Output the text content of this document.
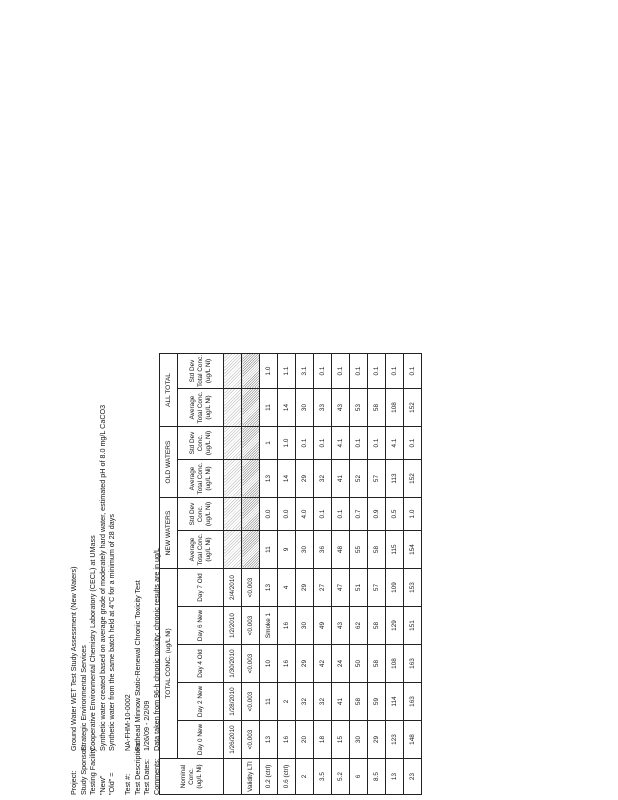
Project:
Ground Water WET Test Study Assessment (New Waters)
Study Sponsor:
Strategic Environmental Services
Testing Facility:
Cooperative Environmental Chemistry Laboratory (CECL) at UMass
"New"
Synthetic water created based on average grade of moderately hard water, estimated pH of 8.0 mg/L CaCO3
"Old" =
Synthetic water from the same batch held at 4°C for a minimum of 28 days
Test #:
NA-FHM-10-0002
Test Description:
Fathead Minnow Static-Renewal Chronic Toxicity Test
Test Dates:
1/26/09 - 2/2/09
Comments:
Data taken from 96-h chronic toxicity; chronic results are in ug/L
Nominal Conc. (ug/L Ni)	TOTAL CONC. (ug/L Ni)					NEW WATERS		OLD WATERS		ALL TOTAL	
	Day 0 New	Day 2 New	Day 4 Old	Day 6 New	Day 7 Old	Average Total Conc. (ug/L Ni)	Std Dev Conc. (ug/L Ni)	Average Total Conc. (ug/L Ni)	Std Dev Conc. (ug/L Ni)	Average Total Conc. (ug/L Ni)	Std Dev Total Conc. (ug/L Ni)
	1/26/2010	1/28/2010	1/30/2010	1/2/2010	2/4/2010						
Validity LTI	<0.003	<0.003	<0.003	<0.003	<0.003						
0.2 (ctrl)	13	11	10	Smoke 1	13	11	0.0	13	1	11	1.0
0.6 (ctrl)	16	2	16	16	4	9	0.0	14	1.0	14	1.1
2	20	32	29	30	29	30	4.0	29	0.1	30	3.1
3.5	18	32	42	49	27	36	0.1	32	0.1	33	0.1
5.2	15	41	24	43	47	48	0.1	41	4.1	43	0.1
6	30	58	50	62	51	55	0.7	52	0.1	53	0.1
8.5	29	59	58	58	57	58	0.9	57	0.1	58	0.1
13	123	114	108	129	109	115	0.5	113	4.1	108	0.1
23	148	163	163	151	153	154	1.0	152	0.1	152	0.1
